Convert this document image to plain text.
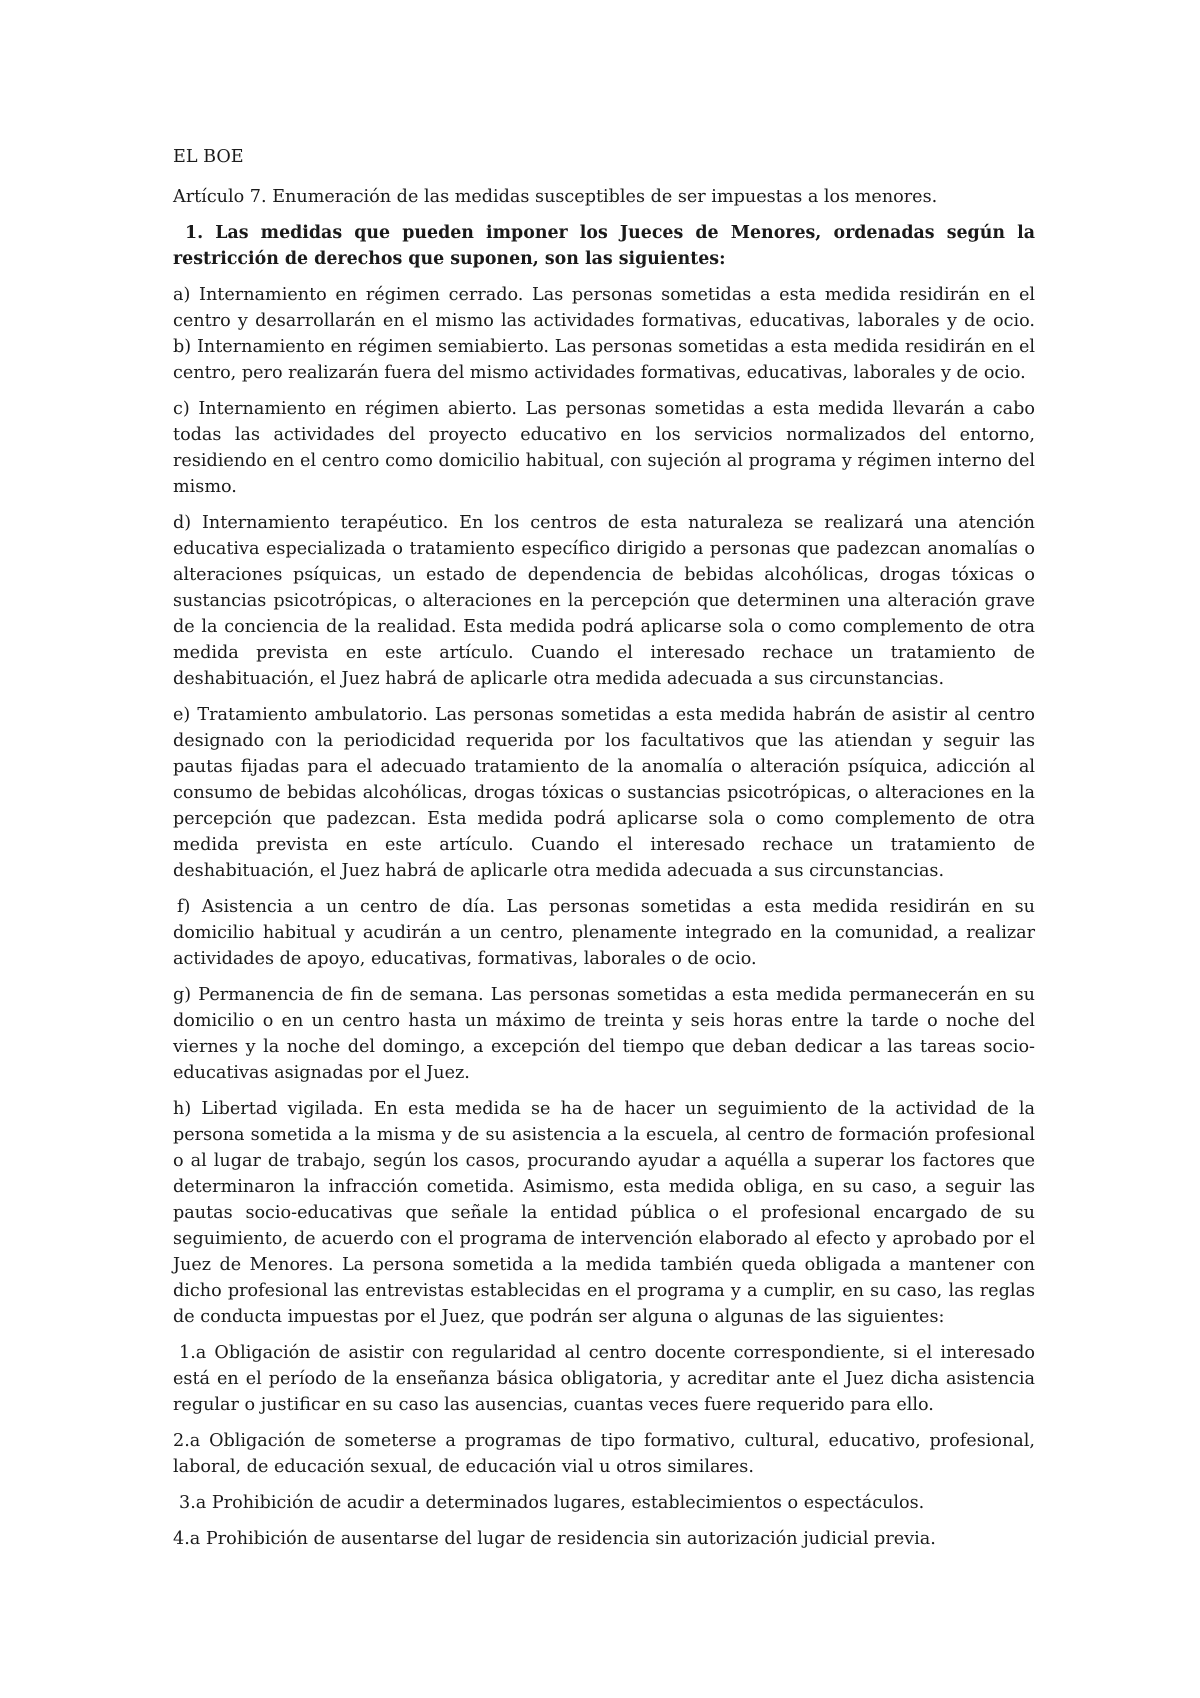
EL BOE

Artículo 7. Enumeración de las medidas susceptibles de ser impuestas a los menores.

1. Las medidas que pueden imponer los Jueces de Menores, ordenadas según la restricción de derechos que suponen, son las siguientes:

a) Internamiento en régimen cerrado. Las personas sometidas a esta medida residirán en el centro y desarrollarán en el mismo las actividades formativas, educativas, laborales y de ocio. b) Internamiento en régimen semiabierto. Las personas sometidas a esta medida residirán en el centro, pero realizarán fuera del mismo actividades formativas, educativas, laborales y de ocio.

c) Internamiento en régimen abierto. Las personas sometidas a esta medida llevarán a cabo todas las actividades del proyecto educativo en los servicios normalizados del entorno, residiendo en el centro como domicilio habitual, con sujeción al programa y régimen interno del mismo.

d) Internamiento terapéutico. En los centros de esta naturaleza se realizará una atención educativa especializada o tratamiento específico dirigido a personas que padezcan anomalías o alteraciones psíquicas, un estado de dependencia de bebidas alcohólicas, drogas tóxicas o sustancias psicotrópicas, o alteraciones en la percepción que determinen una alteración grave de la conciencia de la realidad. Esta medida podrá aplicarse sola o como complemento de otra medida prevista en este artículo. Cuando el interesado rechace un tratamiento de deshabituación, el Juez habrá de aplicarle otra medida adecuada a sus circunstancias.

e) Tratamiento ambulatorio. Las personas sometidas a esta medida habrán de asistir al centro designado con la periodicidad requerida por los facultativos que las atiendan y seguir las pautas fijadas para el adecuado tratamiento de la anomalía o alteración psíquica, adicción al consumo de bebidas alcohólicas, drogas tóxicas o sustancias psicotrópicas, o alteraciones en la percepción que padezcan. Esta medida podrá aplicarse sola o como complemento de otra medida prevista en este artículo. Cuando el interesado rechace un tratamiento de deshabituación, el Juez habrá de aplicarle otra medida adecuada a sus circunstancias.

f) Asistencia a un centro de día. Las personas sometidas a esta medida residirán en su domicilio habitual y acudirán a un centro, plenamente integrado en la comunidad, a realizar actividades de apoyo, educativas, formativas, laborales o de ocio.

g) Permanencia de fin de semana. Las personas sometidas a esta medida permanecerán en su domicilio o en un centro hasta un máximo de treinta y seis horas entre la tarde o noche del viernes y la noche del domingo, a excepción del tiempo que deban dedicar a las tareas socio-educativas asignadas por el Juez.

h) Libertad vigilada. En esta medida se ha de hacer un seguimiento de la actividad de la persona sometida a la misma y de su asistencia a la escuela, al centro de formación profesional o al lugar de trabajo, según los casos, procurando ayudar a aquélla a superar los factores que determinaron la infracción cometida. Asimismo, esta medida obliga, en su caso, a seguir las pautas socio-educativas que señale la entidad pública o el profesional encargado de su seguimiento, de acuerdo con el programa de intervención elaborado al efecto y aprobado por el Juez de Menores. La persona sometida a la medida también queda obligada a mantener con dicho profesional las entrevistas establecidas en el programa y a cumplir, en su caso, las reglas de conducta impuestas por el Juez, que podrán ser alguna o algunas de las siguientes:

1.a Obligación de asistir con regularidad al centro docente correspondiente, si el interesado está en el período de la enseñanza básica obligatoria, y acreditar ante el Juez dicha asistencia regular o justificar en su caso las ausencias, cuantas veces fuere requerido para ello.

2.a Obligación de someterse a programas de tipo formativo, cultural, educativo, profesional, laboral, de educación sexual, de educación vial u otros similares.

3.a Prohibición de acudir a determinados lugares, establecimientos o espectáculos.

4.a Prohibición de ausentarse del lugar de residencia sin autorización judicial previa.
